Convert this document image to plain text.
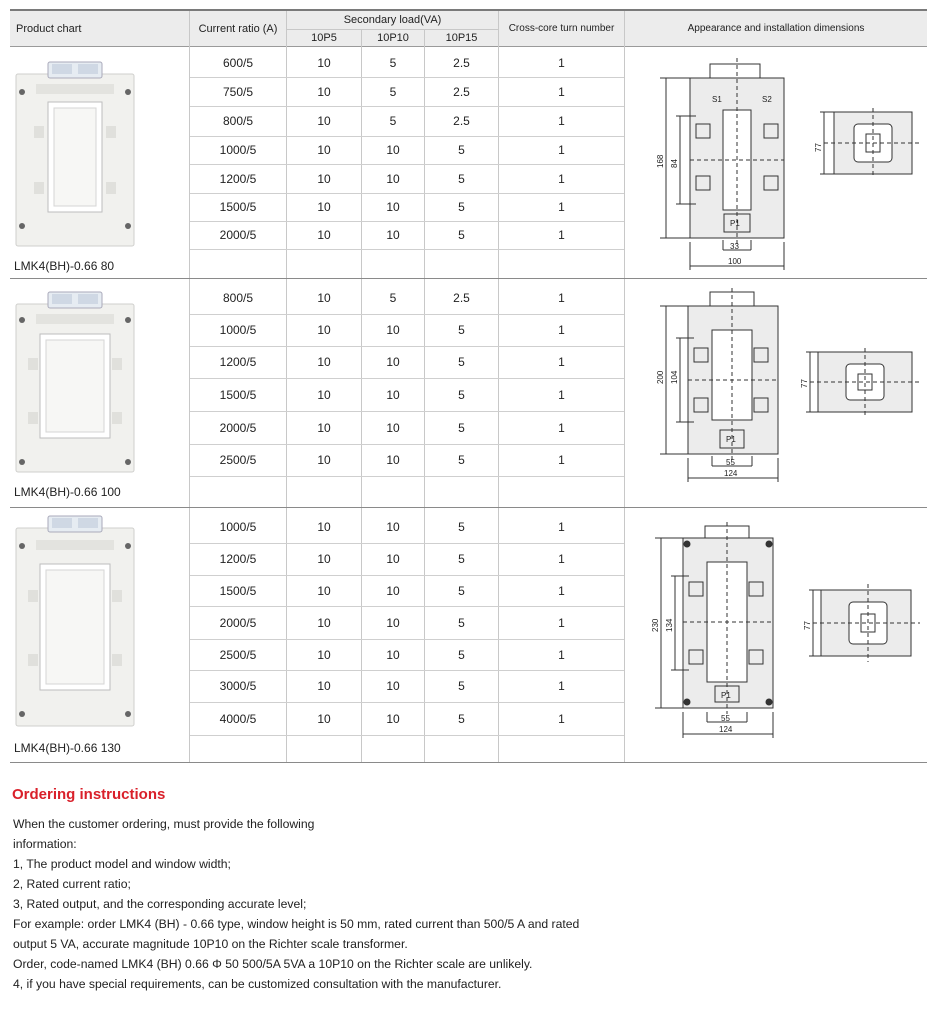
Product chart	Current ratio (A)
Secondary load(VA)
10P5	10P10	10P15
Cross-core turn number	Appearance and installation dimensions
600/5	10	5	2.5	1
750/5	10	5	2.5	1
800/5	10	5	2.5	1
1000/5	10	10	5	1
1200/5	10	10	5	1
1500/5	10	10	5	1
2000/5	10	10	5	1
LMK4(BH)-0.66 80
800/5	10	5	2.5	1
1000/5	10	10	5	1
1200/5	10	10	5	1
1500/5	10	10	5	1
2000/5	10	10	5	1
2500/5	10	10	5	1
LMK4(BH)-0.66 100
1000/5	10	10	5	1
1200/5	10	10	5	1
1500/5	10	10	5	1
2000/5	10	10	5	1
2500/5	10	10	5	1
3000/5	10	10	5	1
4000/5	10	10	5	1
LMK4(BH)-0.66 130
S1	S2
P1
168 84
33
100
77
P1
200 104
55
124
77
P1
230 134
55
124
77
Ordering instructions
When the customer ordering, must provide the following
information:
1, The product model and window width;
2, Rated current ratio;
3, Rated output, and the corresponding accurate level;
For example: order LMK4 (BH) - 0.66 type, window height is 50 mm, rated current than 500/5 A and rated
output 5 VA, accurate magnitude 10P10 on the Richter scale transformer.
Order, code-named LMK4 (BH) 0.66 Φ 50 500/5A 5VA a 10P10 on the Richter scale are unlikely.
4, if you have special requirements, can be customized consultation with the manufacturer.
